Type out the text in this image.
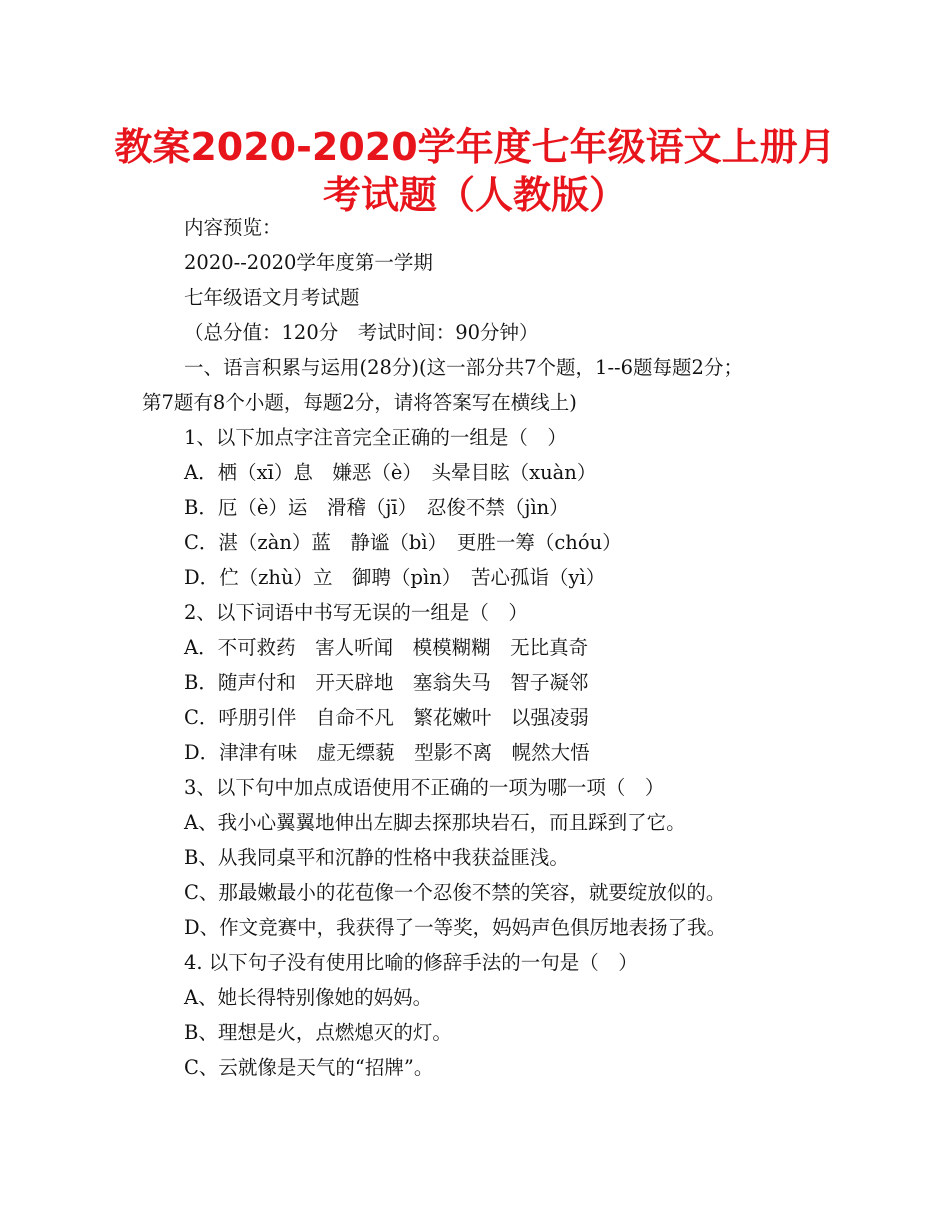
教案2020-2020学年度七年级语文上册月
考试题（人教版）
内容预览：
2020--2020学年度第一学期
七年级语文月考试题
（总分值：120分　考试时间：90分钟）
一、语言积累与运用(28分)(这一部分共7个题，1--6题每题2分；
第7题有8个小题，每题2分，请将答案写在横线上)
1、以下加点字注音完全正确的一组是（　）
A．栖（xī）息　嫌恶（è）　头晕目眩（xuàn）
B．厄（è）运　滑稽（jī）　忍俊不禁（jìn）
C．湛（zàn）蓝　静谧（bì）　更胜一筹（chóu）
D．伫（zhù）立　御聘（pìn）　苦心孤诣（yì）
2、以下词语中书写无误的一组是（　）
A．不可救药　害人听闻　模模糊糊　无比真奇
B．随声付和　开天辟地　塞翁失马　智子凝邻
C．呼朋引伴　自命不凡　繁花嫩叶　以强凌弱
D．津津有味　虚无缥藐　型影不离　幌然大悟
3、以下句中加点成语使用不正确的一项为哪一项（　）
A、我小心翼翼地伸出左脚去探那块岩石，而且踩到了它。
B、从我同桌平和沉静的性格中我获益匪浅。
C、那最嫩最小的花苞像一个忍俊不禁的笑容，就要绽放似的。
D、作文竞赛中，我获得了一等奖，妈妈声色俱厉地表扬了我。
4. 以下句子没有使用比喻的修辞手法的一句是（　）
A、她长得特别像她的妈妈。
B、理想是火，点燃熄灭的灯。
C、云就像是天气的“招牌”。
